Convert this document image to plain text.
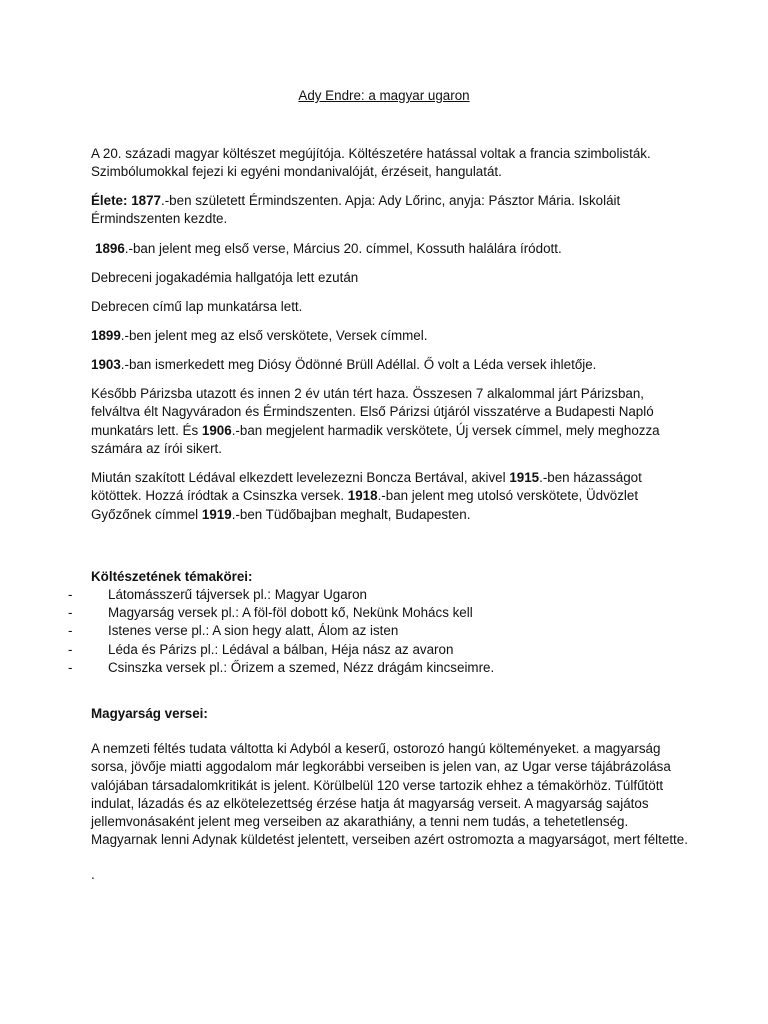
Ady Endre: a magyar ugaron

A 20. századi magyar költészet megújítója. Költészetére hatással voltak a francia szimbolisták. Szimbólumokkal fejezi ki egyéni mondanivalóját, érzéseit, hangulatát.

Élete: 1877.-ben született Érmindszenten. Apja: Ady Lőrinc, anyja: Pásztor Mária. Iskoláit Érmindszenten kezdte.

1896.-ban jelent meg első verse, Március 20. címmel, Kossuth halálára íródott.

Debreceni jogakadémia hallgatója lett ezután

Debrecen című lap munkatársa lett.

1899.-ben jelent meg az első verskötete, Versek címmel.

1903.-ban ismerkedett meg Diósy Ödönné Brüll Adéllal. Ő volt a Léda versek ihletője.

Később Párizsba utazott és innen 2 év után tért haza. Összesen 7 alkalommal járt Párizsban, felváltva élt Nagyváradon és Érmindszenten. Első Párizsi útjáról visszatérve a Budapesti Napló munkatárs lett. És 1906.-ban megjelent harmadik verskötete, Új versek címmel, mely meghozza számára az írói sikert.

Miután szakított Lédával elkezdett levelezezni Boncza Bertával, akivel 1915.-ben házasságot kötöttek. Hozzá íródtak a Csinszka versek. 1918.-ban jelent meg utolsó verskötete, Üdvözlet Győzőnek címmel 1919.-ben Tüdőbajban meghalt, Budapesten.

Költészetének témakörei:

-	Látomásszerű tájversek pl.: Magyar Ugaron
-	Magyarság versek pl.: A föl-föl dobott kő, Nekünk Mohács kell
-	Istenes verse pl.: A sion hegy alatt, Álom az isten
-	Léda és Párizs pl.: Lédával a bálban, Héja nász az avaron
-	Csinszka versek pl.: Őrizem a szemed, Nézz drágám kincseimre.

Magyarság versei:

A nemzeti féltés tudata váltotta ki Adyból a keserű, ostorozó hangú költeményeket. a magyarság sorsa, jövője miatti aggodalom már legkorábbi verseiben is jelen van, az Ugar verse tájábrázolása valójában társadalomkritikát is jelent. Körülbelül 120 verse tartozik ehhez a témakörhöz. Túlfűtött indulat, lázadás és az elkötelezettség érzése hatja át magyarság verseit. A magyarság sajátos jellemvonásaként jelent meg verseiben az akarathiány, a tenni nem tudás, a tehetetlenség. Magyarnak lenni Adynak küldetést jelentett, verseiben azért ostromozta a magyarságot, mert féltette.

.
